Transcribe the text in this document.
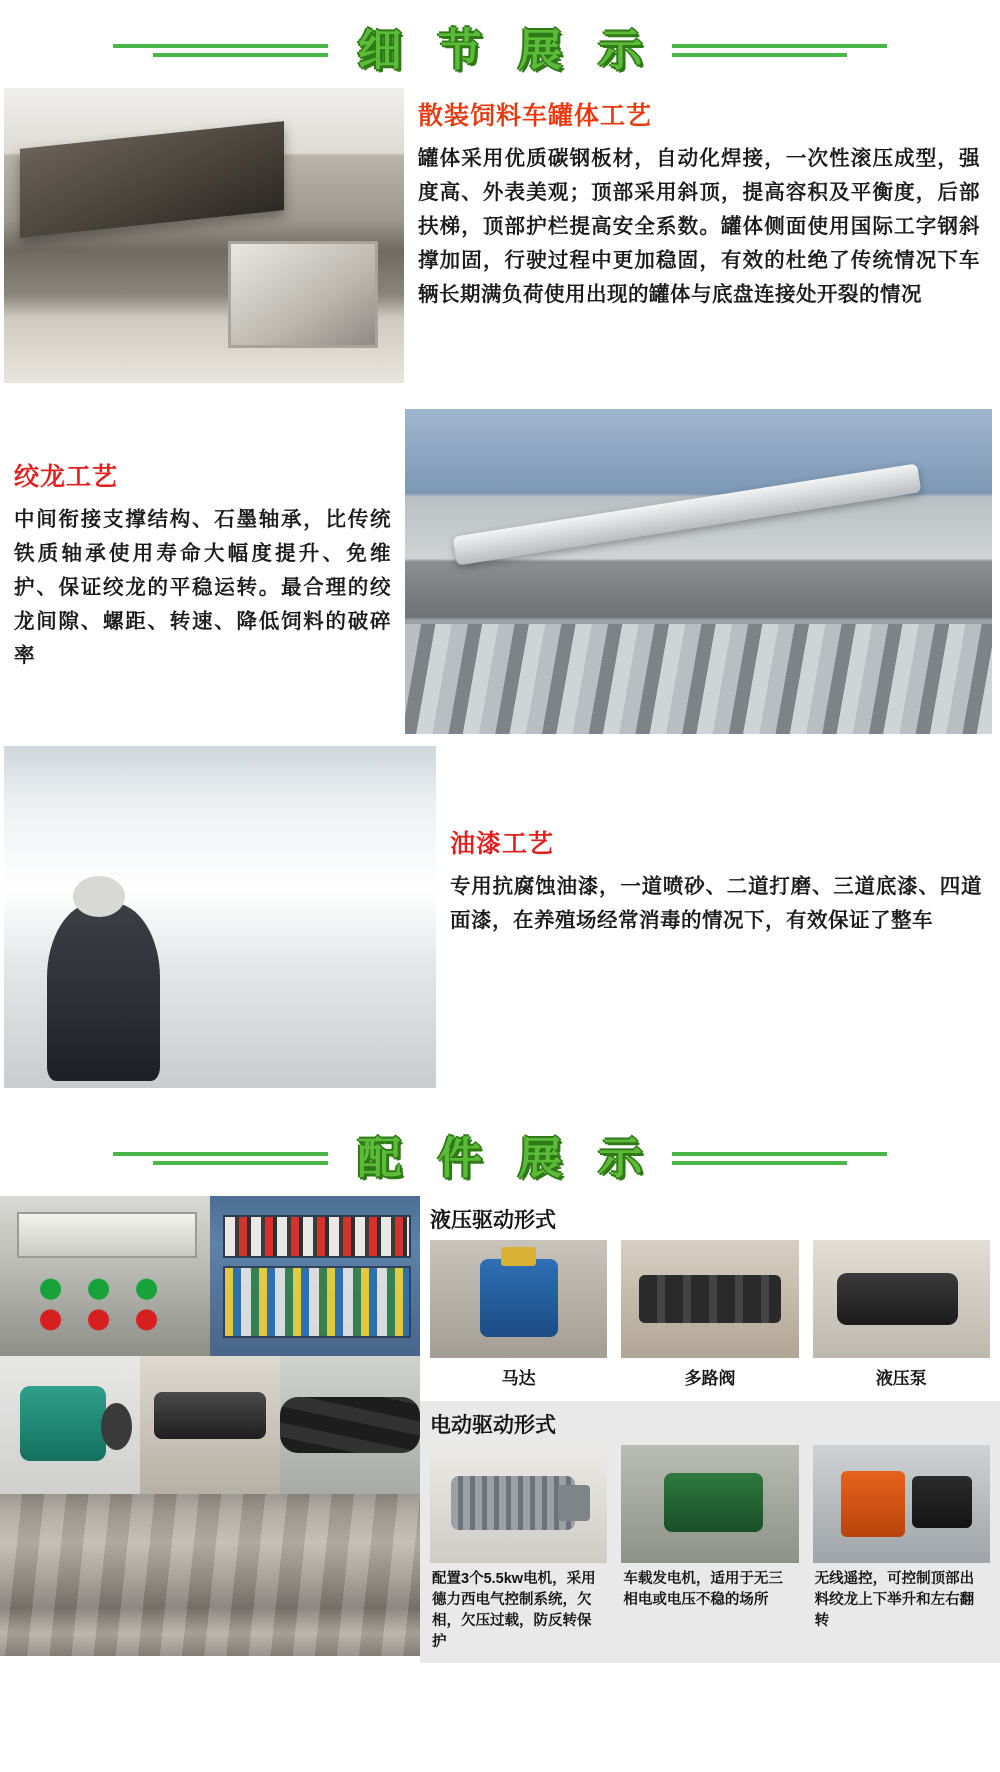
细 节 展 示
散装饲料车罐体工艺
罐体采用优质碳钢板材，自动化焊接，一次性滚压成型，强度高、外表美观；顶部采用斜顶，提高容积及平衡度，后部扶梯，顶部护栏提高安全系数。罐体侧面使用国际工字钢斜撑加固，行驶过程中更加稳固，有效的杜绝了传统情况下车辆长期满负荷使用出现的罐体与底盘连接处开裂的情况
绞龙工艺
中间衔接支撑结构、石墨轴承，比传统铁质轴承使用寿命大幅度提升、免维护、保证绞龙的平稳运转。最合理的绞龙间隙、螺距、转速、降低饲料的破碎率
油漆工艺
专用抗腐蚀油漆，一道喷砂、二道打磨、三道底漆、四道面漆，在养殖场经常消毒的情况下，有效保证了整车
配 件 展 示
液压驱动形式
马达	多路阀	液压泵
电动驱动形式
配置3个5.5kw电机，采用德力西电气控制系统，欠相，欠压过载，防反转保护
车载发电机，适用于无三相电或电压不稳的场所
无线遥控，可控制顶部出料绞龙上下举升和左右翻转
